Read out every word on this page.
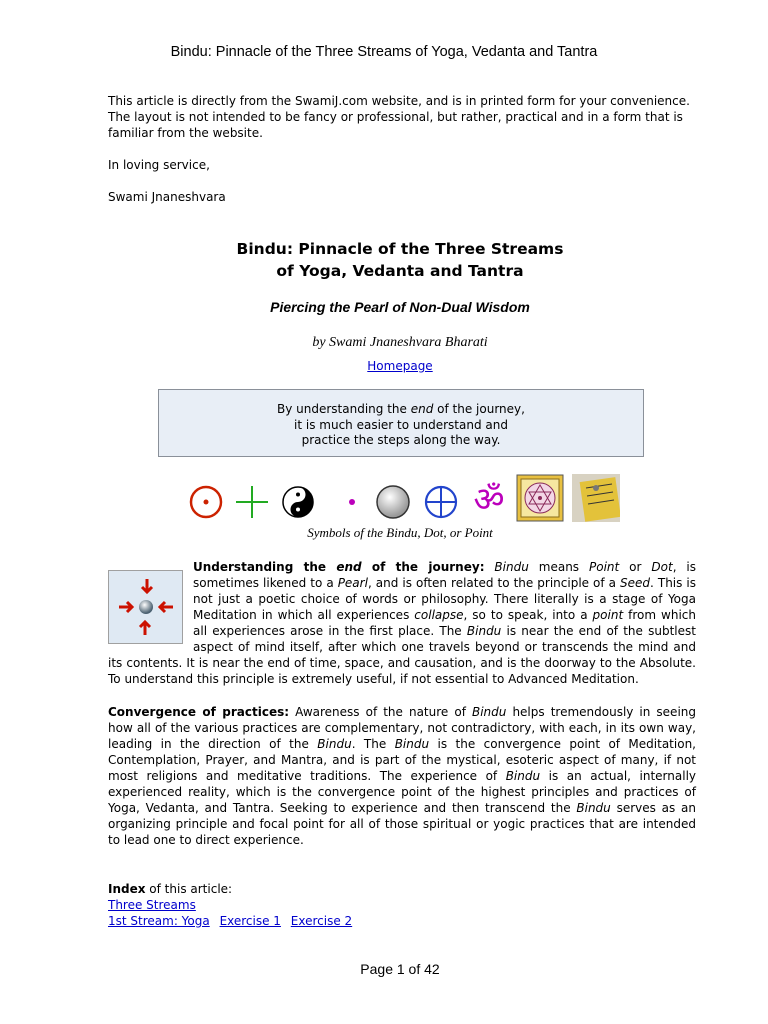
Bindu: Pinnacle of the Three Streams of Yoga, Vedanta and Tantra

This article is directly from the SwamiJ.com website, and is in printed form for your convenience. The layout is not intended to be fancy or professional, but rather, practical and in a form that is familiar from the website.

In loving service,

Swami Jnaneshvara

Bindu: Pinnacle of the Three Streams
of Yoga, Vedanta and Tantra
Piercing the Pearl of Non-Dual Wisdom
by Swami Jnaneshvara Bharati
Homepage
By understanding the end of the journey,
it is much easier to understand and
practice the steps along the way.
ॐ
Symbols of the Bindu, Dot, or Point

Understanding the end of the journey: Bindu means Point or Dot, is sometimes likened to a Pearl, and is often related to the principle of a Seed. This is not just a poetic choice of words or philosophy. There literally is a stage of Yoga Meditation in which all experiences collapse, so to speak, into a point from which all experiences arose in the first place. The Bindu is near the end of the subtlest aspect of mind itself, after which one travels beyond or transcends the mind and its contents. It is near the end of time, space, and causation, and is the doorway to the Absolute. To understand this principle is extremely useful, if not essential to Advanced Meditation.

Convergence of practices: Awareness of the nature of Bindu helps tremendously in seeing how all of the various practices are complementary, not contradictory, with each, in its own way, leading in the direction of the Bindu. The Bindu is the convergence point of Meditation, Contemplation, Prayer, and Mantra, and is part of the mystical, esoteric aspect of many, if not most religions and meditative traditions. The experience of Bindu is an actual, internally experienced reality, which is the convergence point of the highest principles and practices of Yoga, Vedanta, and Tantra. Seeking to experience and then transcend the Bindu serves as an organizing principle and focal point for all of those spiritual or yogic practices that are intended to lead one to direct experience.

Index of this article:
Three Streams
1st Stream: Yoga Exercise 1 Exercise 2
Page 1 of 42
